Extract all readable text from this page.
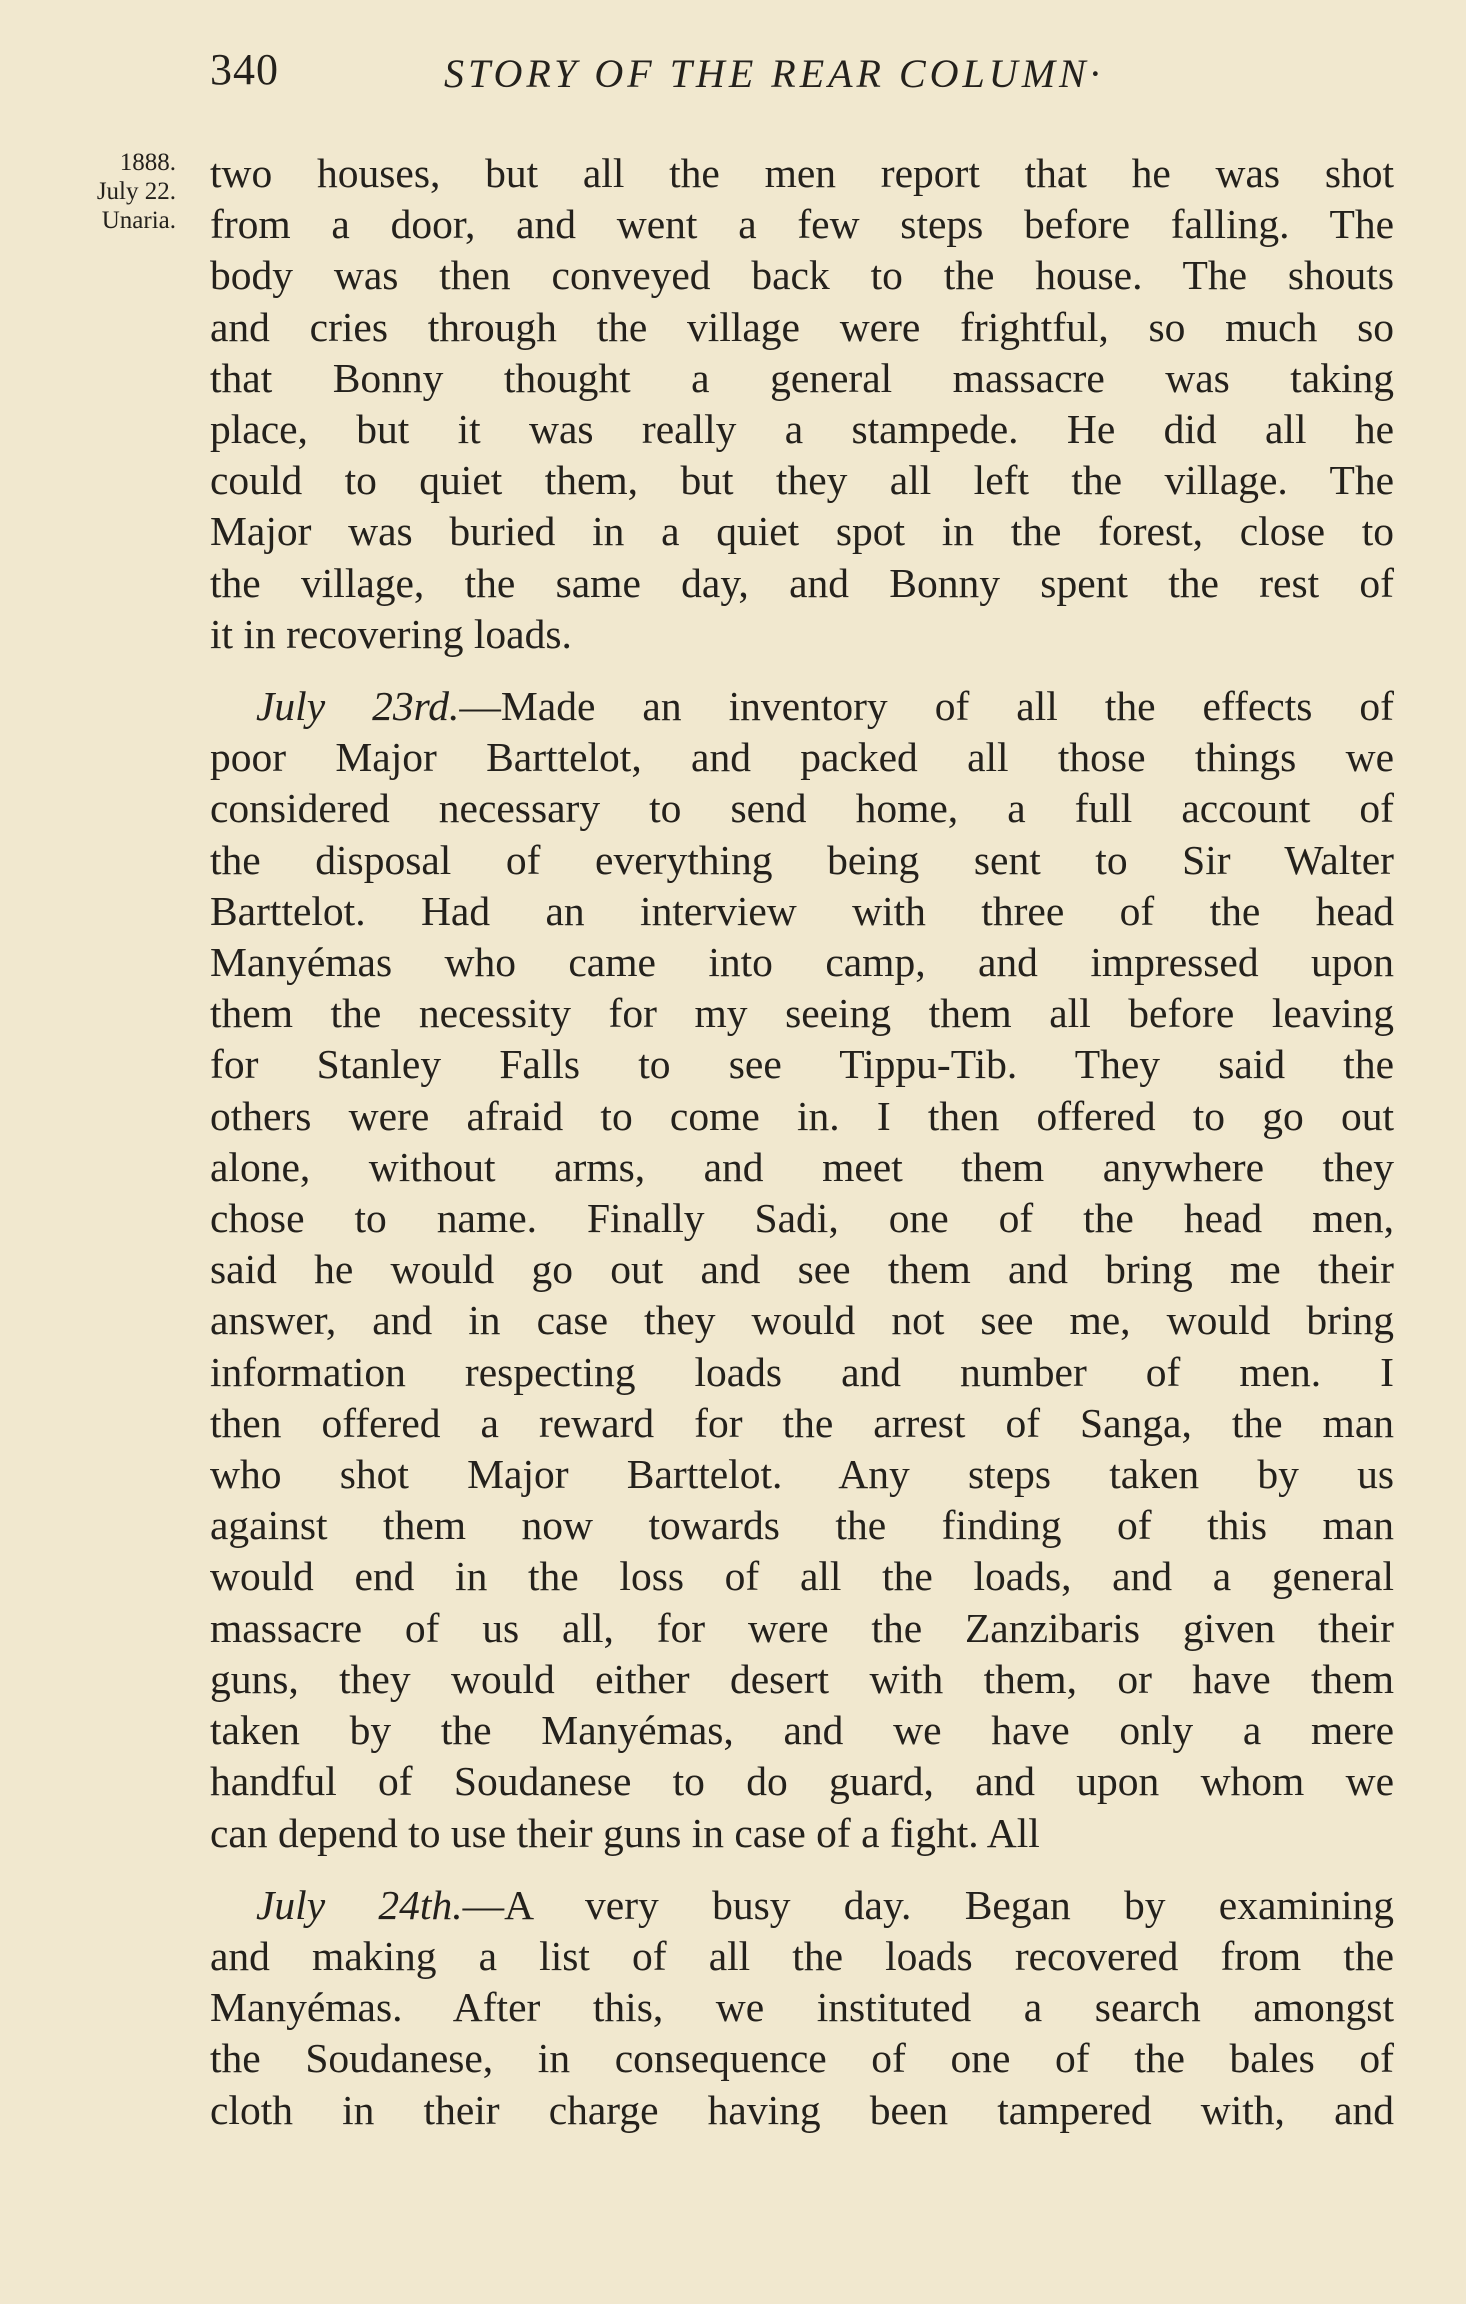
340	STORY OF THE REAR COLUMN·
1888.
July 22.
Unaria.
two houses, but all the men report that he was shot
from a door, and went a few steps before falling. The
body was then conveyed back to the house. The shouts
and cries through the village were frightful, so much so
that Bonny thought a general massacre was taking
place, but it was really a stampede. He did all he
could to quiet them, but they all left the village. The
Major was buried in a quiet spot in the forest, close to
the village, the same day, and Bonny spent the rest of
it in recovering loads.
July 23rd.—Made an inventory of all the effects of
poor Major Barttelot, and packed all those things we
considered necessary to send home, a full account of
the disposal of everything being sent to Sir Walter
Barttelot. Had an interview with three of the head
Manyémas who came into camp, and impressed upon
them the necessity for my seeing them all before leaving
for Stanley Falls to see Tippu-Tib. They said the
others were afraid to come in. I then offered to go out
alone, without arms, and meet them anywhere they
chose to name. Finally Sadi, one of the head men,
said he would go out and see them and bring me their
answer, and in case they would not see me, would bring
information respecting loads and number of men. I
then offered a reward for the arrest of Sanga, the man
who shot Major Barttelot. Any steps taken by us
against them now towards the finding of this man
would end in the loss of all the loads, and a general
massacre of us all, for were the Zanzibaris given their
guns, they would either desert with them, or have them
taken by the Manyémas, and we have only a mere
handful of Soudanese to do guard, and upon whom we
can depend to use their guns in case of a fight. All
July 24th.—A very busy day. Began by examining
and making a list of all the loads recovered from the
Manyémas. After this, we instituted a search amongst
the Soudanese, in consequence of one of the bales of
cloth in their charge having been tampered with, and
